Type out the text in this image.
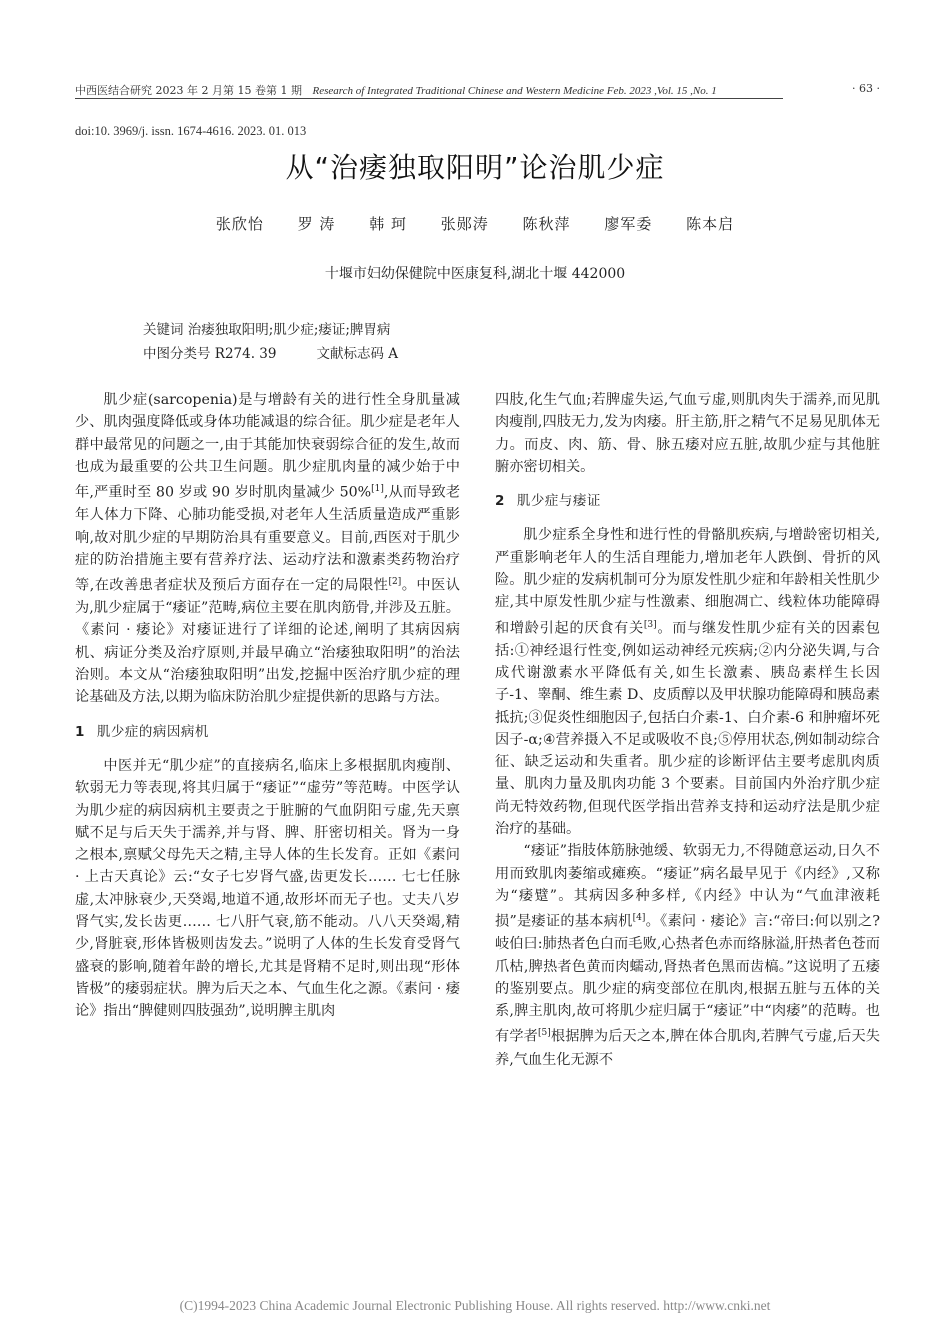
中西医结合研究 2023 年 2 月第 15 卷第 1 期 Research of Integrated Traditional Chinese and Western Medicine Feb. 2023 ,Vol. 15 ,No. 1	· 63 ·
doi:10. 3969/j. issn. 1674-4616. 2023. 01. 013
从“治痿独取阳明”论治肌少症
张欣怡 罗 涛 韩 珂 张郧涛 陈秋萍 廖军委 陈本启
十堰市妇幼保健院中医康复科,湖北十堰 442000
关键词 治痿独取阳明;肌少症;痿证;脾胃病
中图分类号 R274. 39	文献标志码 A

肌少症(sarcopenia)是与增龄有关的进行性全身肌量减少、肌肉强度降低或身体功能减退的综合征。肌少症是老年人群中最常见的问题之一,由于其能加快衰弱综合征的发生,故而也成为最重要的公共卫生问题。肌少症肌肉量的减少始于中年,严重时至 80 岁或 90 岁时肌肉量减少 50%[1],从而导致老年人体力下降、心肺功能受损,对老年人生活质量造成严重影响,故对肌少症的早期防治具有重要意义。目前,西医对于肌少症的防治措施主要有营养疗法、运动疗法和激素类药物治疗等,在改善患者症状及预后方面存在一定的局限性[2]。中医认为,肌少症属于“痿证”范畴,病位主要在肌肉筋骨,并涉及五脏。《素问 · 痿论》对痿证进行了详细的论述,阐明了其病因病机、病证分类及治疗原则,并最早确立“治痿独取阳明”的治法治则。本文从“治痿独取阳明”出发,挖掘中医治疗肌少症的理论基础及方法,以期为临床防治肌少症提供新的思路与方法。

1 肌少症的病因病机

中医并无“肌少症”的直接病名,临床上多根据肌肉瘦削、软弱无力等表现,将其归属于“痿证”“虚劳”等范畴。中医学认为肌少症的病因病机主要责之于脏腑的气血阴阳亏虚,先天禀赋不足与后天失于濡养,并与肾、脾、肝密切相关。肾为一身之根本,禀赋父母先天之精,主导人体的生长发育。正如《素问 · 上古天真论》云:“女子七岁肾气盛,齿更发长…… 七七任脉虚,太冲脉衰少,天癸竭,地道不通,故形坏而无子也。丈夫八岁肾气实,发长齿更…… 七八肝气衰,筋不能动。八八天癸竭,精少,肾脏衰,形体皆极则齿发去。”说明了人体的生长发育受肾气盛衰的影响,随着年龄的增长,尤其是肾精不足时,则出现“形体皆极”的痿弱症状。脾为后天之本、气血生化之源。《素问 · 痿论》指出“脾健则四肢强劲”,说明脾主肌肉

四肢,化生气血;若脾虚失运,气血亏虚,则肌肉失于濡养,而见肌肉瘦削,四肢无力,发为肉痿。肝主筋,肝之精气不足易见肌体无力。而皮、肉、筋、骨、脉五痿对应五脏,故肌少症与其他脏腑亦密切相关。

2 肌少症与痿证

肌少症系全身性和进行性的骨骼肌疾病,与增龄密切相关,严重影响老年人的生活自理能力,增加老年人跌倒、骨折的风险。肌少症的发病机制可分为原发性肌少症和年龄相关性肌少症,其中原发性肌少症与性激素、细胞凋亡、线粒体功能障碍和增龄引起的厌食有关[3]。而与继发性肌少症有关的因素包括:①神经退行性变,例如运动神经元疾病;②内分泌失调,与合成代谢激素水平降低有关,如生长激素、胰岛素样生长因子-1、睾酮、维生素 D、皮质醇以及甲状腺功能障碍和胰岛素抵抗;③促炎性细胞因子,包括白介素-1、白介素-6 和肿瘤坏死因子-α;④营养摄入不足或吸收不良;⑤停用状态,例如制动综合征、缺乏运动和失重者。肌少症的诊断评估主要考虑肌肉质量、肌肉力量及肌肉功能 3 个要素。目前国内外治疗肌少症尚无特效药物,但现代医学指出营养支持和运动疗法是肌少症治疗的基础。

“痿证”指肢体筋脉弛缓、软弱无力,不得随意运动,日久不用而致肌肉萎缩或瘫痪。“痿证”病名最早见于《内经》,又称为“痿躄”。其病因多种多样,《内经》中认为“气血津液耗损”是痿证的基本病机[4]。《素问 · 痿论》言:“帝曰:何以别之? 岐伯曰:肺热者色白而毛败,心热者色赤而络脉溢,肝热者色苍而爪枯,脾热者色黄而肉蠕动,肾热者色黑而齿槁。”这说明了五痿的鉴别要点。肌少症的病变部位在肌肉,根据五脏与五体的关系,脾主肌肉,故可将肌少症归属于“痿证”中“肉痿”的范畴。也有学者[5]根据脾为后天之本,脾在体合肌肉,若脾气亏虚,后天失养,气血生化无源不

(C)1994-2023 China Academic Journal Electronic Publishing House. All rights reserved. http://www.cnki.net
